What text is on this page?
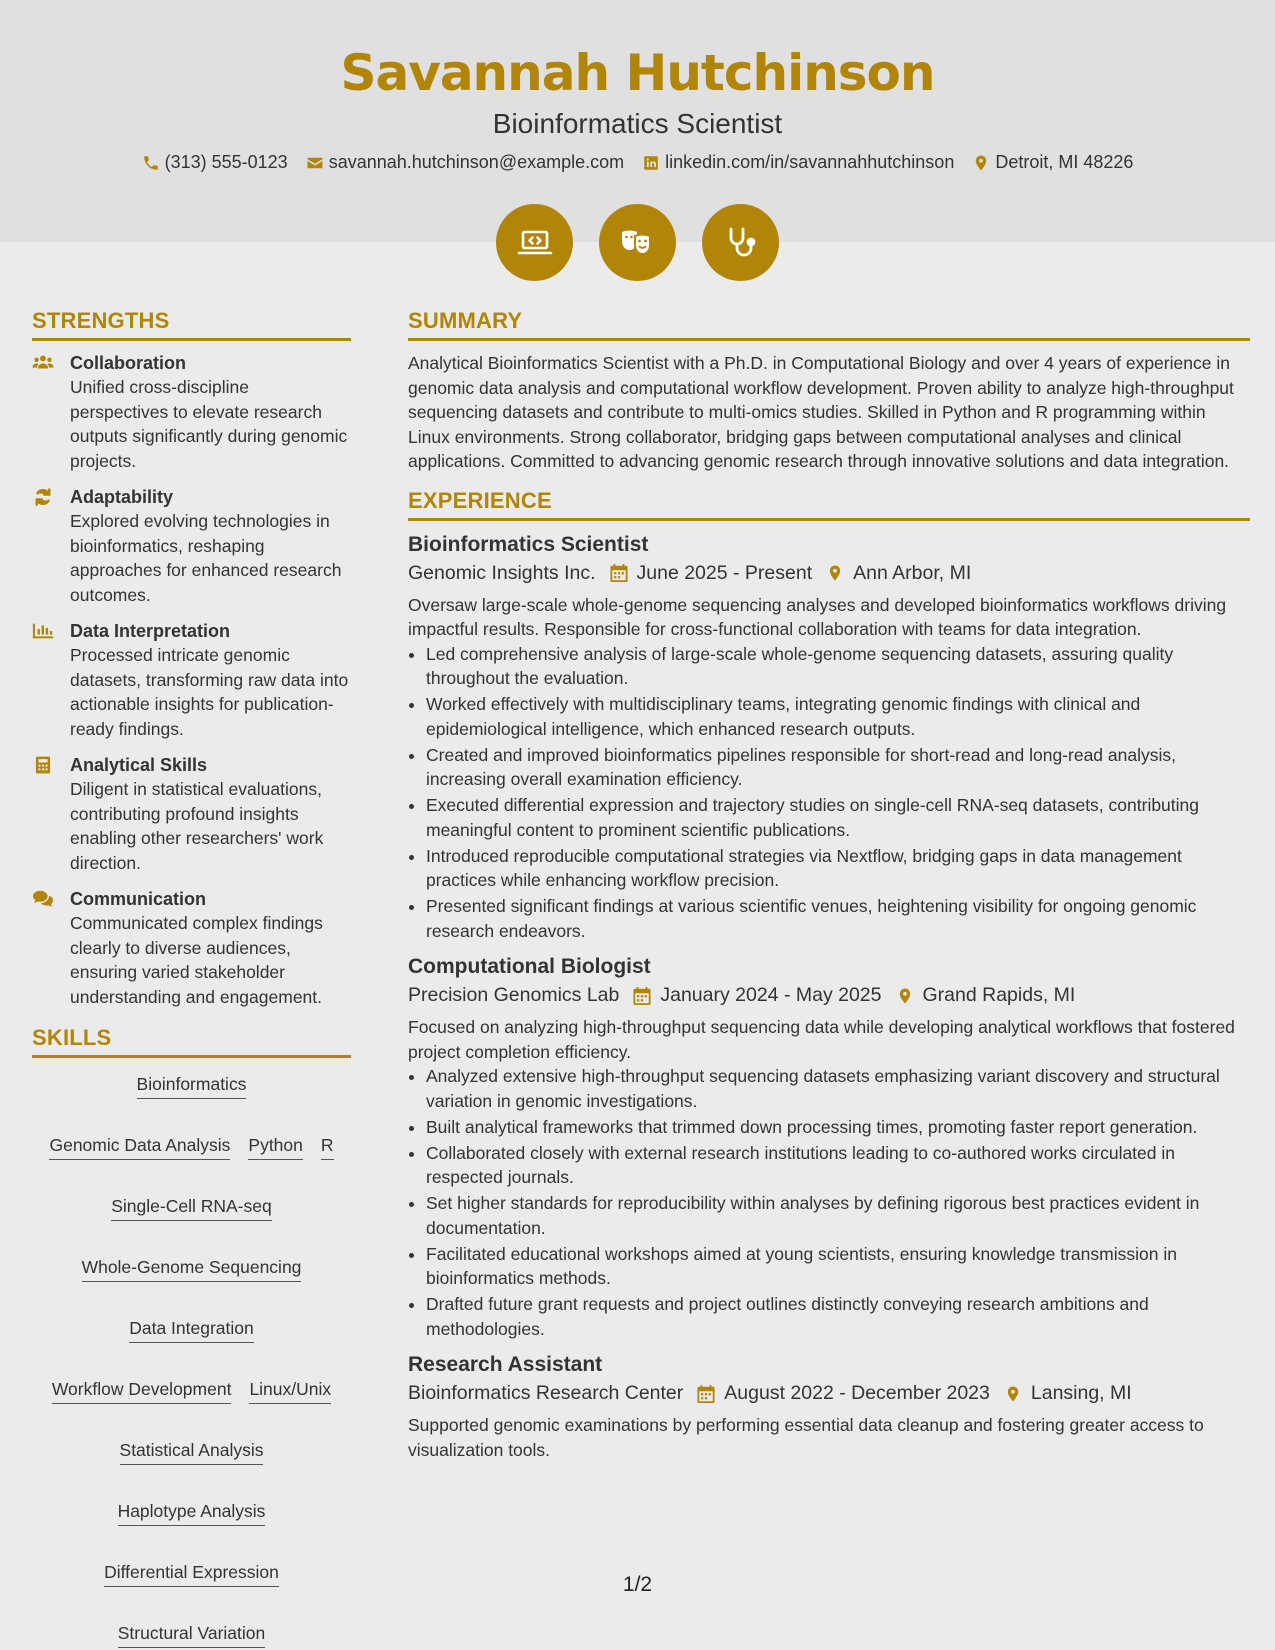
Savannah Hutchinson
Bioinformatics Scientist
(313) 555-0123 savannah.hutchinson@example.com linkedin.com/in/savannahhutchinson Detroit, MI 48226
STRENGTHS
Collaboration

Unified cross-discipline perspectives to elevate research outputs significantly during genomic projects.

Adaptability

Explored evolving technologies in bioinformatics, reshaping approaches for enhanced research outcomes.

Data Interpretation

Processed intricate genomic datasets, transforming raw data into actionable insights for publication-ready findings.

Analytical Skills

Diligent in statistical evaluations, contributing profound insights enabling other researchers' work direction.

Communication

Communicated complex findings clearly to diverse audiences, ensuring varied stakeholder understanding and engagement.

SKILLS
Bioinformatics
Genomic Data Analysis Python R
Single-Cell RNA-seq
Whole-Genome Sequencing
Data Integration
Workflow Development Linux/Unix
Statistical Analysis
Haplotype Analysis
Differential Expression
Structural Variation
SUMMARY

Analytical Bioinformatics Scientist with a Ph.D. in Computational Biology and over 4 years of experience in genomic data analysis and computational workflow development. Proven ability to analyze high-throughput sequencing datasets and contribute to multi-omics studies. Skilled in Python and R programming within Linux environments. Strong collaborator, bridging gaps between computational analyses and clinical applications. Committed to advancing genomic research through innovative solutions and data integration.

EXPERIENCE
Bioinformatics Scientist
Genomic Insights Inc. June 2025 - Present Ann Arbor, MI

Oversaw large-scale whole-genome sequencing analyses and developed bioinformatics workflows driving impactful results. Responsible for cross-functional collaboration with teams for data integration.

• Led comprehensive analysis of large-scale whole-genome sequencing datasets, assuring quality throughout the evaluation.
• Worked effectively with multidisciplinary teams, integrating genomic findings with clinical and epidemiological intelligence, which enhanced research outputs.
• Created and improved bioinformatics pipelines responsible for short-read and long-read analysis, increasing overall examination efficiency.
• Executed differential expression and trajectory studies on single-cell RNA-seq datasets, contributing meaningful content to prominent scientific publications.
• Introduced reproducible computational strategies via Nextflow, bridging gaps in data management practices while enhancing workflow precision.
• Presented significant findings at various scientific venues, heightening visibility for ongoing genomic research endeavors.
Computational Biologist
Precision Genomics Lab January 2024 - May 2025 Grand Rapids, MI

Focused on analyzing high-throughput sequencing data while developing analytical workflows that fostered project completion efficiency.

• Analyzed extensive high-throughput sequencing datasets emphasizing variant discovery and structural variation in genomic investigations.
• Built analytical frameworks that trimmed down processing times, promoting faster report generation.
• Collaborated closely with external research institutions leading to co-authored works circulated in respected journals.
• Set higher standards for reproducibility within analyses by defining rigorous best practices evident in documentation.
• Facilitated educational workshops aimed at young scientists, ensuring knowledge transmission in bioinformatics methods.
• Drafted future grant requests and project outlines distinctly conveying research ambitions and methodologies.
Research Assistant
Bioinformatics Research Center August 2022 - December 2023 Lansing, MI

Supported genomic examinations by performing essential data cleanup and fostering greater access to visualization tools.

1/2
